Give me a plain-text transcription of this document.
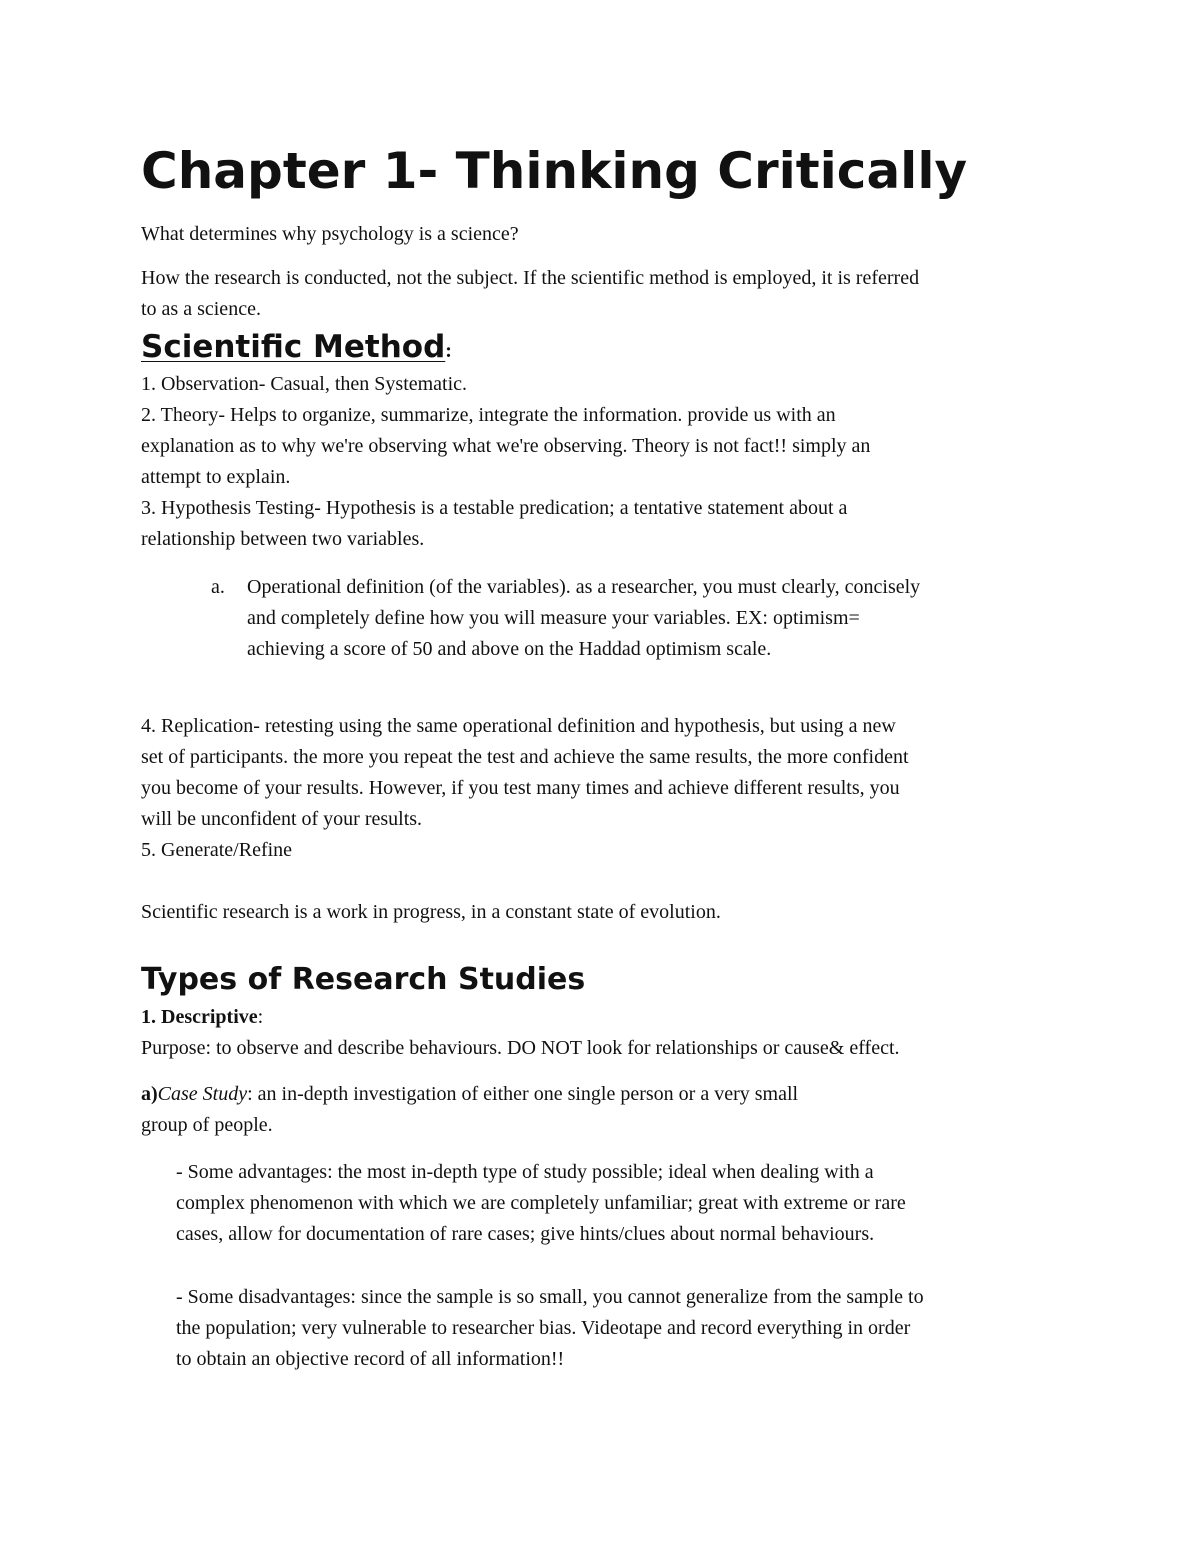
Chapter 1- Thinking Critically

What determines why psychology is a science?

How the research is conducted, not the subject. If the scientific method is employed, it is referred

to as a science.

Scientific Method:

1. Observation- Casual, then Systematic.

2. Theory- Helps to organize, summarize, integrate the information. provide us with an

explanation as to why we're observing what we're observing. Theory is not fact!! simply an

attempt to explain.

3. Hypothesis Testing- Hypothesis is a testable predication; a tentative statement about a

relationship between two variables.

a. Operational definition (of the variables). as a researcher, you must clearly, concisely

and completely define how you will measure your variables. EX: optimism=

achieving a score of 50 and above on the Haddad optimism scale.

4. Replication- retesting using the same operational definition and hypothesis, but using a new

set of participants. the more you repeat the test and achieve the same results, the more confident

you become of your results. However, if you test many times and achieve different results, you

will be unconfident of your results.

5. Generate/Refine

Scientific research is a work in progress, in a constant state of evolution.

Types of Research Studies

1. Descriptive:

Purpose: to observe and describe behaviours. DO NOT look for relationships or cause& effect.

a)Case Study: an in-depth investigation of either one single person or a very small

group of people.

- Some advantages: the most in-depth type of study possible; ideal when dealing with a

complex phenomenon with which we are completely unfamiliar; great with extreme or rare

cases, allow for documentation of rare cases; give hints/clues about normal behaviours.

- Some disadvantages: since the sample is so small, you cannot generalize from the sample to

the population; very vulnerable to researcher bias. Videotape and record everything in order

to obtain an objective record of all information!!
